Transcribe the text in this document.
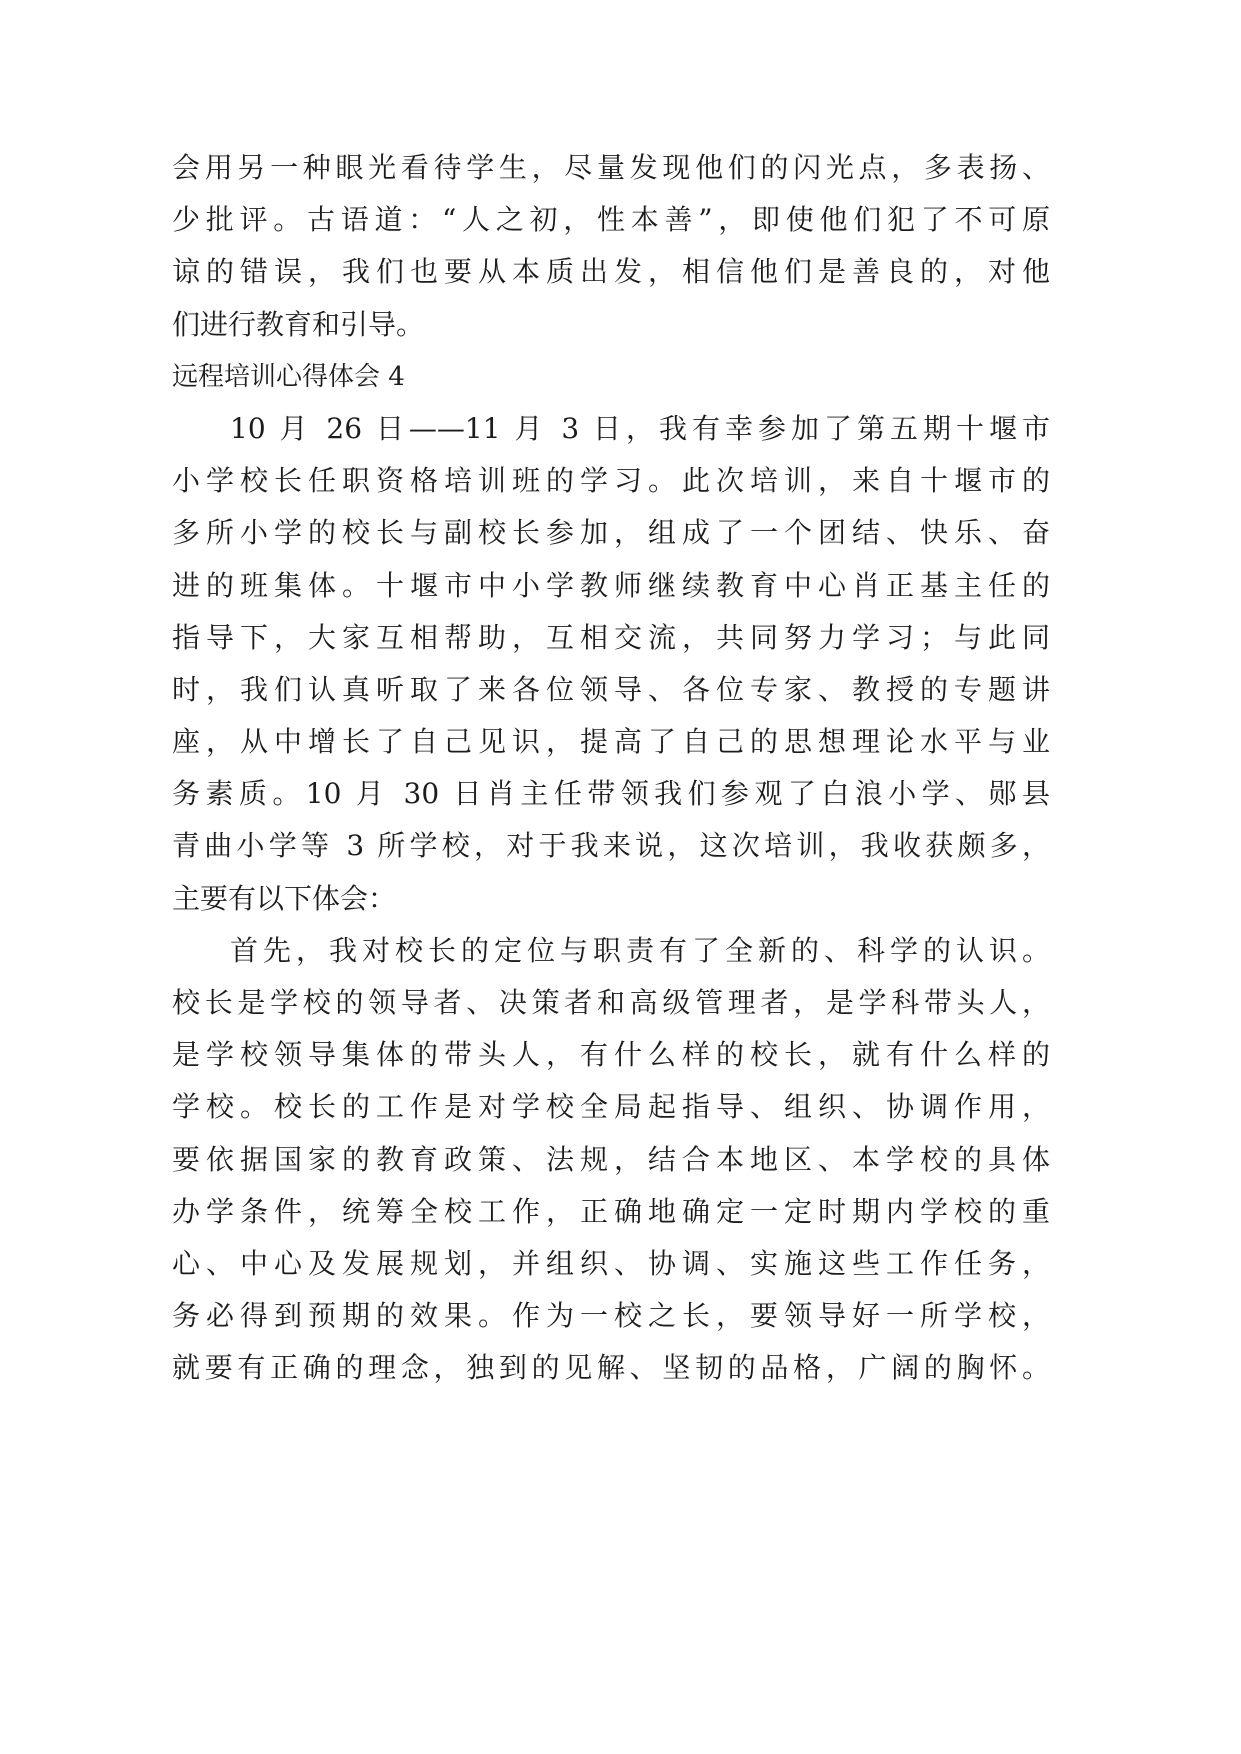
会用另一种眼光看待学生，尽量发现他们的闪光点，多表扬、
少批评。古语道：“人之初，性本善”，即使他们犯了不可原
谅的错误，我们也要从本质出发，相信他们是善良的，对他
们进行教育和引导。
远程培训心得体会 4
10 月 26 日——11 月 3 日，我有幸参加了第五期十堰市
小学校长任职资格培训班的学习。此次培训，来自十堰市的
多所小学的校长与副校长参加，组成了一个团结、快乐、奋
进的班集体。十堰市中小学教师继续教育中心肖正基主任的
指导下，大家互相帮助，互相交流，共同努力学习；与此同
时，我们认真听取了来各位领导、各位专家、教授的专题讲
座，从中增长了自己见识，提高了自己的思想理论水平与业
务素质。10 月 30 日肖主任带领我们参观了白浪小学、郧县
青曲小学等 3 所学校，对于我来说，这次培训，我收获颇多，
主要有以下体会：
首先，我对校长的定位与职责有了全新的、科学的认识。
校长是学校的领导者、决策者和高级管理者，是学科带头人，
是学校领导集体的带头人，有什么样的校长，就有什么样的
学校。校长的工作是对学校全局起指导、组织、协调作用，
要依据国家的教育政策、法规，结合本地区、本学校的具体
办学条件，统筹全校工作，正确地确定一定时期内学校的重
心、中心及发展规划，并组织、协调、实施这些工作任务，
务必得到预期的效果。作为一校之长，要领导好一所学校，
就要有正确的理念，独到的见解、坚韧的品格，广阔的胸怀。
